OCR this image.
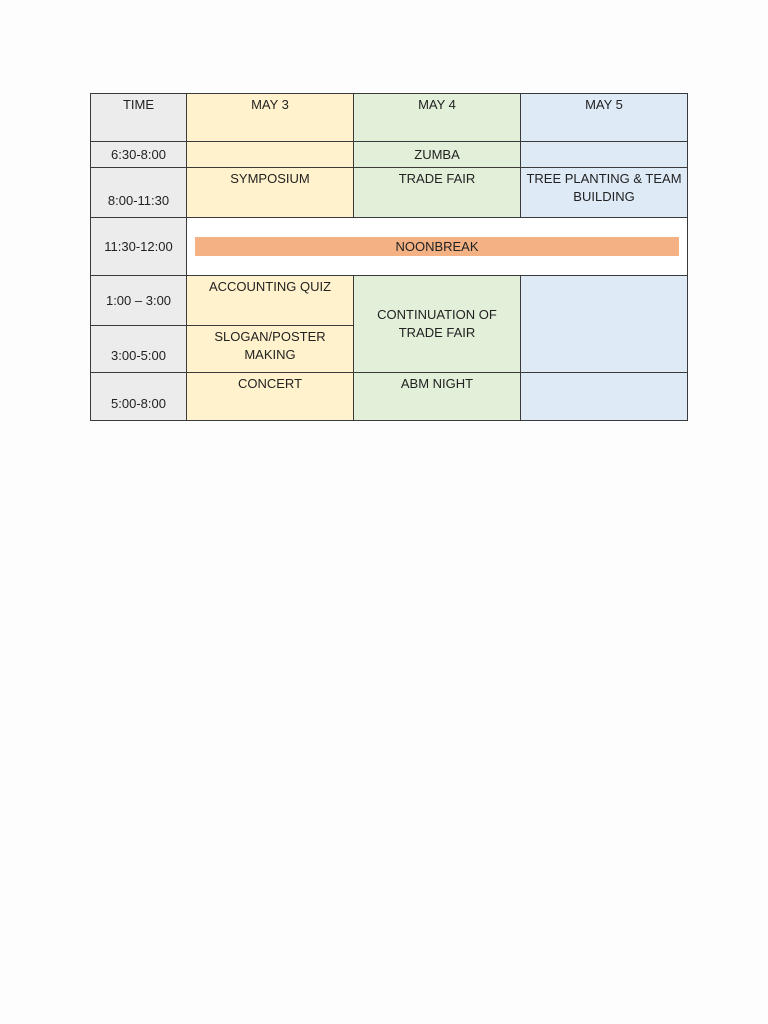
TIME	MAY 3	MAY 4	MAY 5
6:30-8:00		ZUMBA	
8:00-11:30	SYMPOSIUM	TRADE FAIR	TREE PLANTING & TEAM BUILDING
11:30-12:00	NOONBREAK		

1:00 – 3:00	ACCOUNTING QUIZ	CONTINUATION OF TRADE FAIR	
3:00-5:00	SLOGAN/POSTER MAKING		
5:00-8:00	CONCERT	ABM NIGHT	
